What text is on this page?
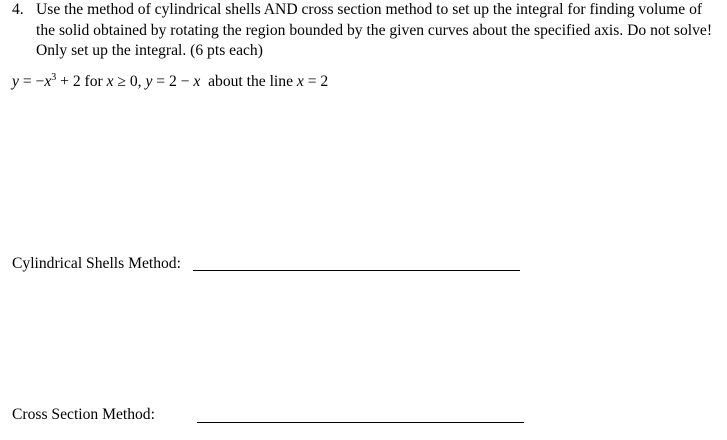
4. Use the method of cylindrical shells AND cross section method to set up the integral for finding volume of the solid obtained by rotating the region bounded by the given curves about the specified axis. Do not solve! Only set up the integral. (6 pts each)
$y = -x^3 + 2$ for x ≥ 0, y = 2 − x  about the line x = 2
Cylindrical Shells Method:
Cross Section Method:
